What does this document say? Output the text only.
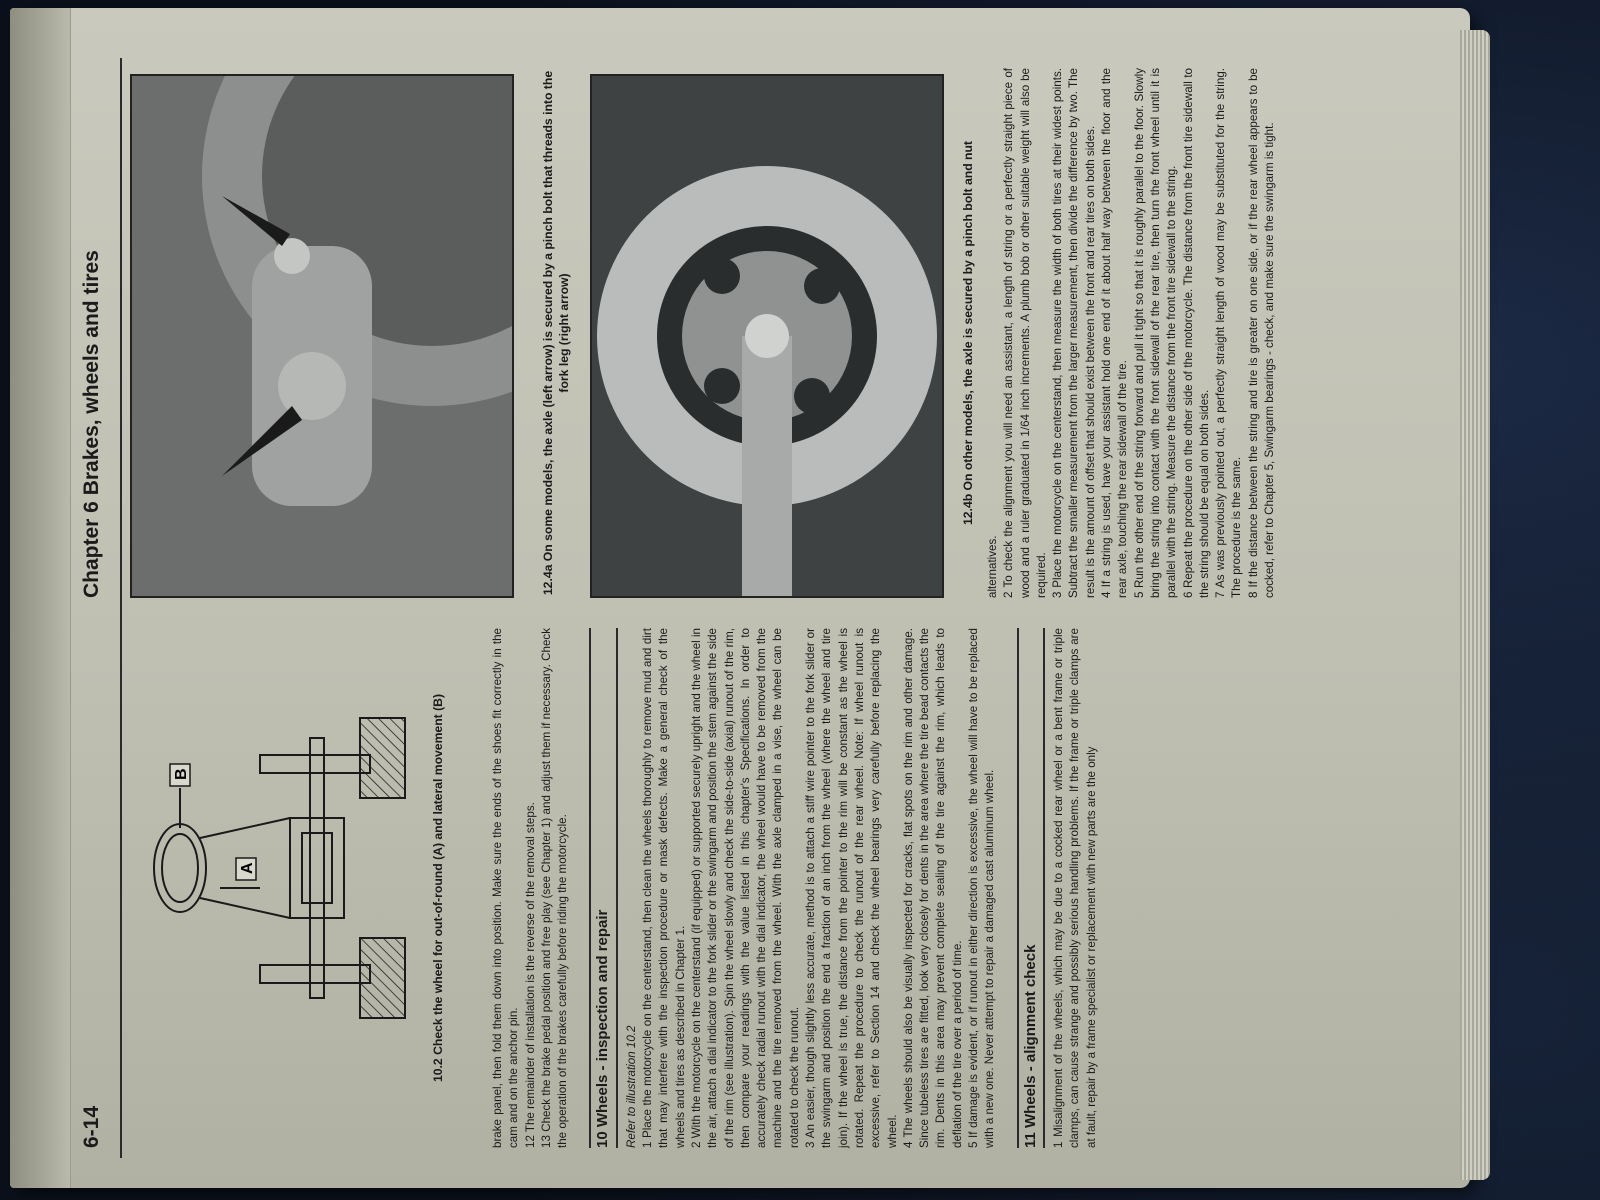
6-14
Chapter 6 Brakes, wheels and tires
B
A	10.2 Check the wheel for out-of-round (A) and lateral movement (B)	brake panel, then fold them down into position. Make sure the ends of the shoes fit correctly in the cam and on the anchor pin. 12 The remainder of installation is the reverse of the removal steps. 13 Check the brake pedal position and free play (see Chapter 1) and adjust them if necessary. Check the operation of the brakes carefully before riding the motorcycle.	10 Wheels - inspection and repair	Refer to illustration 10.2 1 Place the motorcycle on the centerstand, then clean the wheels thoroughly to remove mud and dirt that may interfere with the inspection procedure or mask defects. Make a general check of the wheels and tires as described in Chapter 1. 2 With the motorcycle on the centerstand (if equipped) or supported securely upright and the wheel in the air, attach a dial indicator to the fork slider or the swingarm and position the stem against the side of the rim (see illustration). Spin the wheel slowly and check the side-to-side (axial) runout of the rim, then compare your readings with the value listed in this chapter's Specifications. In order to accurately check radial runout with the dial indicator, the wheel would have to be removed from the machine and the tire removed from the wheel. With the axle clamped in a vise, the wheel can be rotated to check the runout. 3 An easier, though slightly less accurate, method is to attach a stiff wire pointer to the fork slider or the swingarm and position the end a fraction of an inch from the wheel (where the wheel and tire join). If the wheel is true, the distance from the pointer to the rim will be constant as the wheel is rotated. Repeat the procedure to check the runout of the rear wheel. Note: If wheel runout is excessive, refer to Section 14 and check the wheel bearings very carefully before replacing the wheel. 4 The wheels should also be visually inspected for cracks, flat spots on the rim and other damage. Since tubeless tires are fitted, look very closely for dents in the area where the tire bead contacts the rim. Dents in this area may prevent complete sealing of the tire against the rim, which leads to deflation of the tire over a period of time. 5 If damage is evident, or if runout in either direction is excessive, the wheel will have to be replaced with a new one. Never attempt to repair a damaged cast aluminum wheel.	11 Wheels - alignment check	1 Misalignment of the wheels, which may be due to a cocked rear wheel or a bent frame or triple clamps, can cause strange and possibly serious handling problems. If the frame or triple clamps are at fault, repair by a frame specialist or replacement with new parts are the only

12.4a On some models, the axle (left arrow) is secured by a pinch bolt that threads into the fork leg (right arrow)	12.4b On other models, the axle is secured by a pinch bolt and nut

alternatives. 2 To check the alignment you will need an assistant, a length of string or a perfectly straight piece of wood and a ruler graduated in 1/64 inch increments. A plumb bob or other suitable weight will also be required. 3 Place the motorcycle on the centerstand, then measure the width of both tires at their widest points. Subtract the smaller measurement from the larger measurement, then divide the difference by two. The result is the amount of offset that should exist between the front and rear tires on both sides. 4 If a string is used, have your assistant hold one end of it about half way between the floor and the rear axle, touching the rear sidewall of the tire. 5 Run the other end of the string forward and pull it tight so that it is roughly parallel to the floor. Slowly bring the string into contact with the front sidewall of the rear tire, then turn the front wheel until it is parallel with the string. Measure the distance from the front tire sidewall to the string. 6 Repeat the procedure on the other side of the motorcycle. The distance from the front tire sidewall to the string should be equal on both sides. 7 As was previously pointed out, a perfectly straight length of wood may be substituted for the string. The procedure is the same. 8 If the distance between the string and tire is greater on one side, or if the rear wheel appears to be cocked, refer to Chapter 5, Swingarm bearings - check, and make sure the swingarm is tight.
